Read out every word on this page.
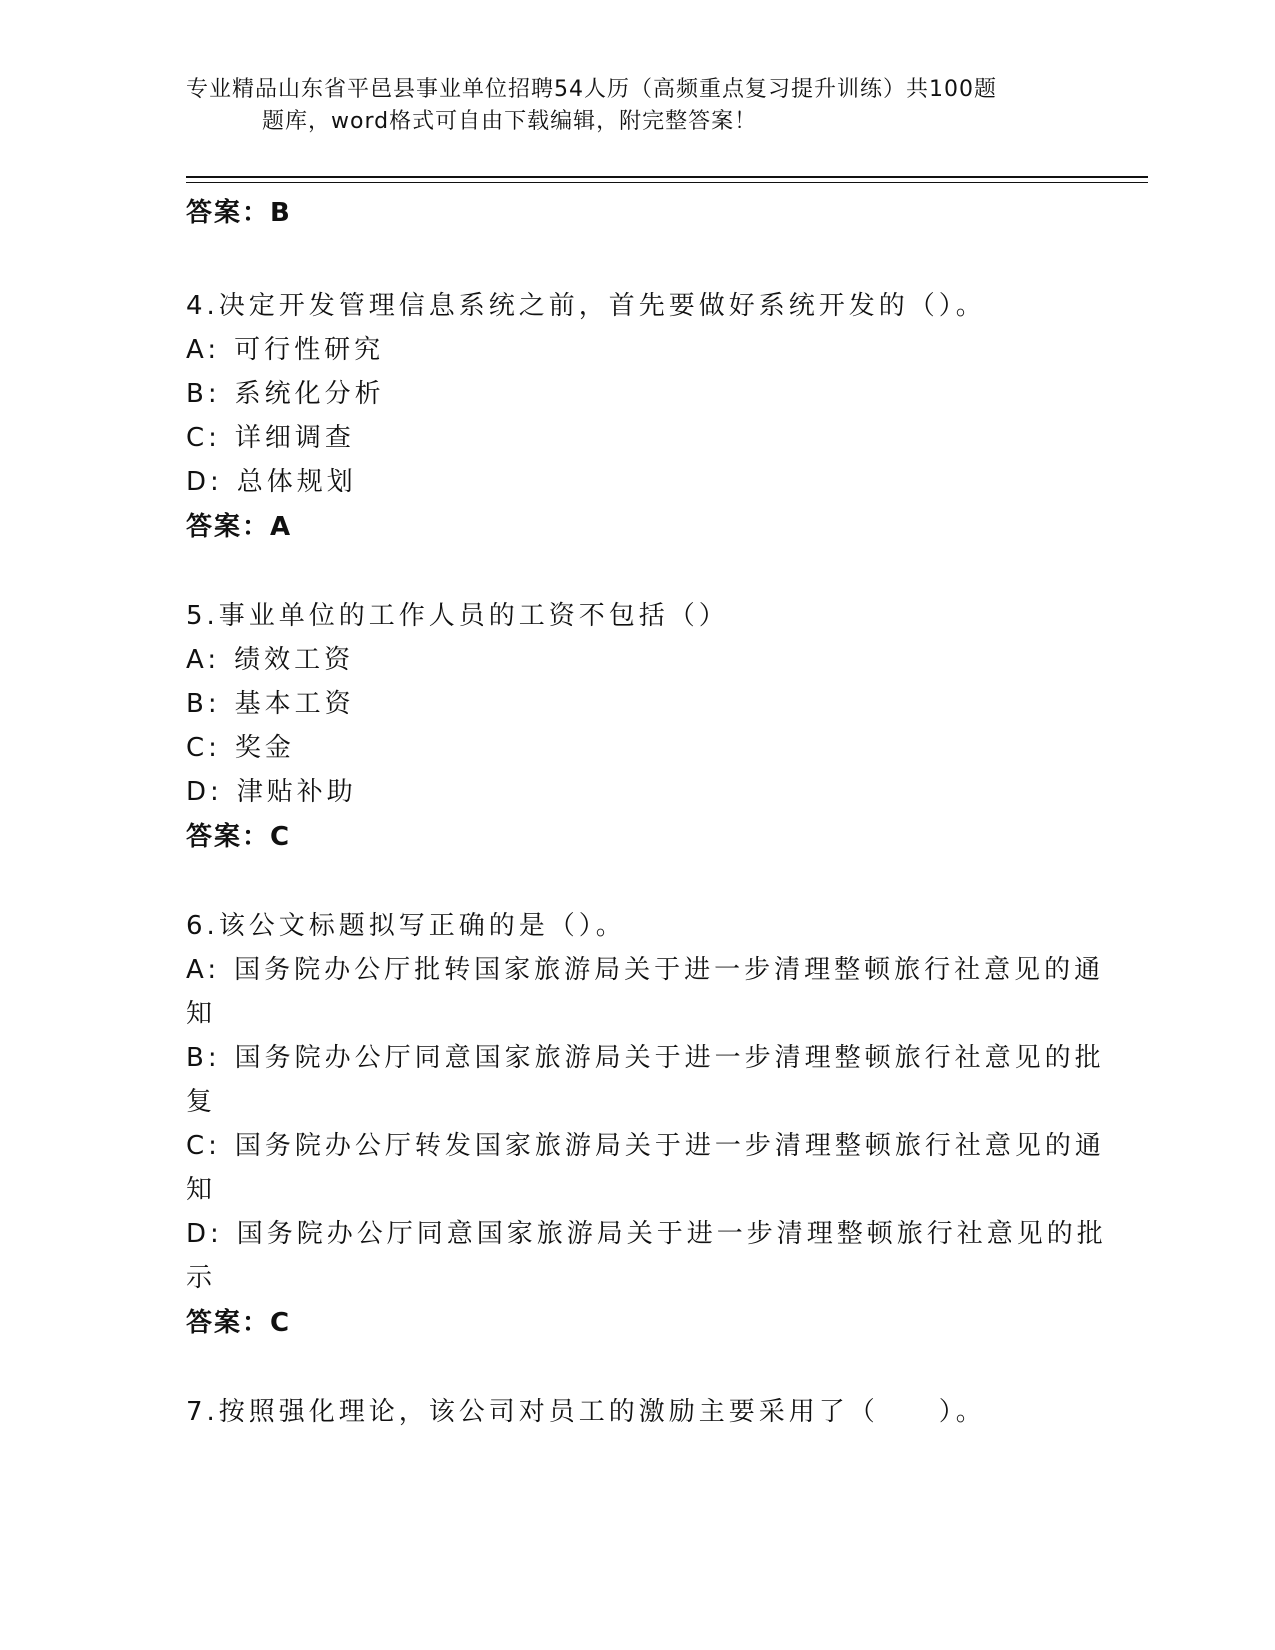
专业精品山东省平邑县事业单位招聘54人历（高频重点复习提升训练）共100题
题库，word格式可自由下载编辑，附完整答案！
答案：B
4.决定开发管理信息系统之前，首先要做好系统开发的（）。
A: 可行性研究
B: 系统化分析
C: 详细调查
D: 总体规划
答案：A
5.事业单位的工作人员的工资不包括（）
A: 绩效工资
B: 基本工资
C: 奖金
D: 津贴补助
答案：C
6.该公文标题拟写正确的是（）。
A: 国务院办公厅批转国家旅游局关于进一步清理整顿旅行社意见的通
知
B: 国务院办公厅同意国家旅游局关于进一步清理整顿旅行社意见的批
复
C: 国务院办公厅转发国家旅游局关于进一步清理整顿旅行社意见的通
知
D: 国务院办公厅同意国家旅游局关于进一步清理整顿旅行社意见的批
示
答案：C
7.按照强化理论，该公司对员工的激励主要采用了（　　）。
